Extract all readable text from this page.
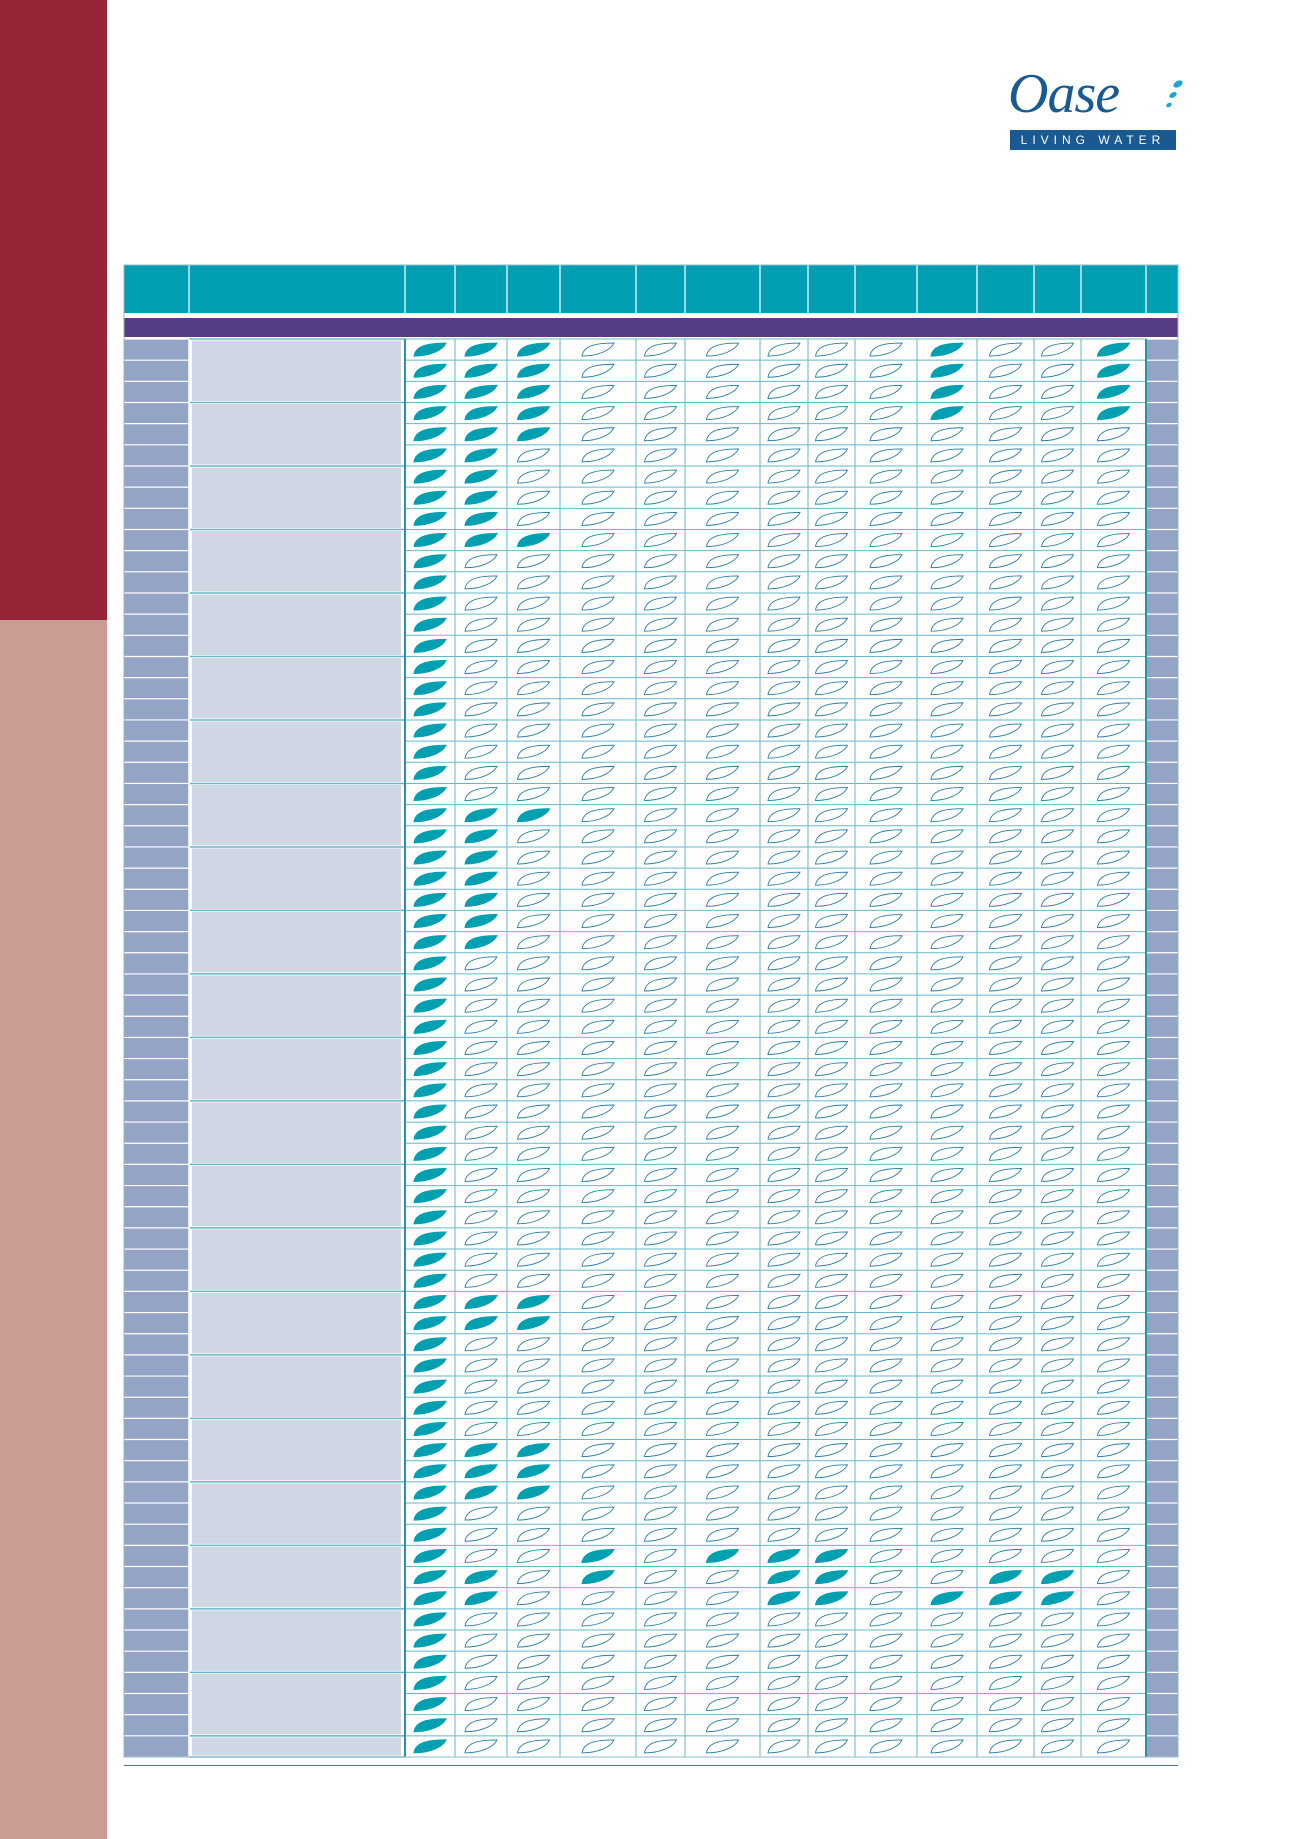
Oase
LIVING WATER
